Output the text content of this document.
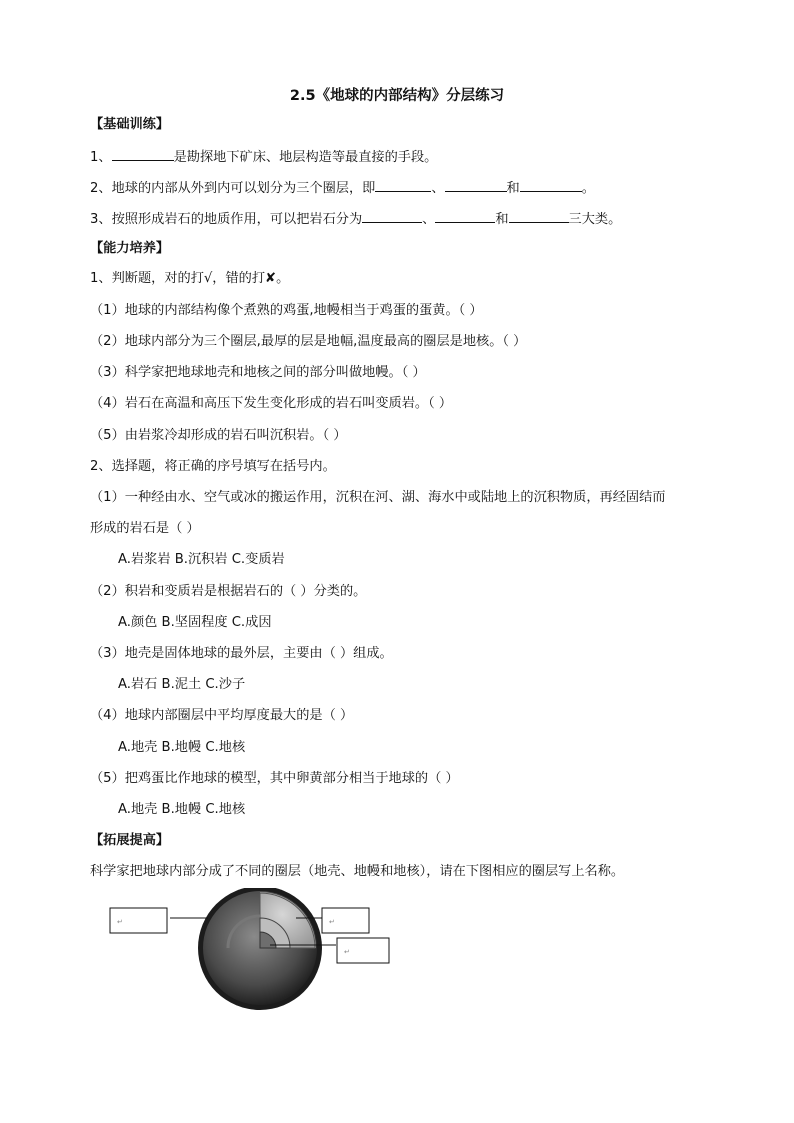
2.5《地球的内部结构》分层练习
【基础训练】
1、	是勘探地下矿床、地层构造等最直接的手段。
2、地球的内部从外到内可以划分为三个圈层，即	、	和	。
3、按照形成岩石的地质作用，可以把岩石分为	、	和	三大类。
【能力培养】
1、判断题，对的打√，错的打✘。
（1）地球的内部结构像个煮熟的鸡蛋,地幔相当于鸡蛋的蛋黄。（ ）
（2）地球内部分为三个圈层,最厚的层是地幅,温度最高的圈层是地核。（ ）
（3）科学家把地球地壳和地核之间的部分叫做地幔。（ ）
（4）岩石在高温和高压下发生变化形成的岩石叫变质岩。（ ）
（5）由岩浆冷却形成的岩石叫沉积岩。（ ）
2、选择题，将正确的序号填写在括号内。
（1）一种经由水、空气或冰的搬运作用，沉积在河、湖、海水中或陆地上的沉积物质，再经固结而
形成的岩石是（ ）
A.岩浆岩 B.沉积岩 C.变质岩
（2）积岩和变质岩是根据岩石的（ ）分类的。
A.颜色 B.坚固程度 C.成因
（3）地壳是固体地球的最外层，主要由（ ）组成。
A.岩石 B.泥土 C.沙子
（4）地球内部圈层中平均厚度最大的是（ ）
A.地壳 B.地幔 C.地核
（5）把鸡蛋比作地球的模型，其中卵黄部分相当于地球的（ ）
A.地壳 B.地幔 C.地核
【拓展提高】
科学家把地球内部分成了不同的圈层（地壳、地幔和地核），请在下图相应的圈层写上名称。
↵	↵
↵
